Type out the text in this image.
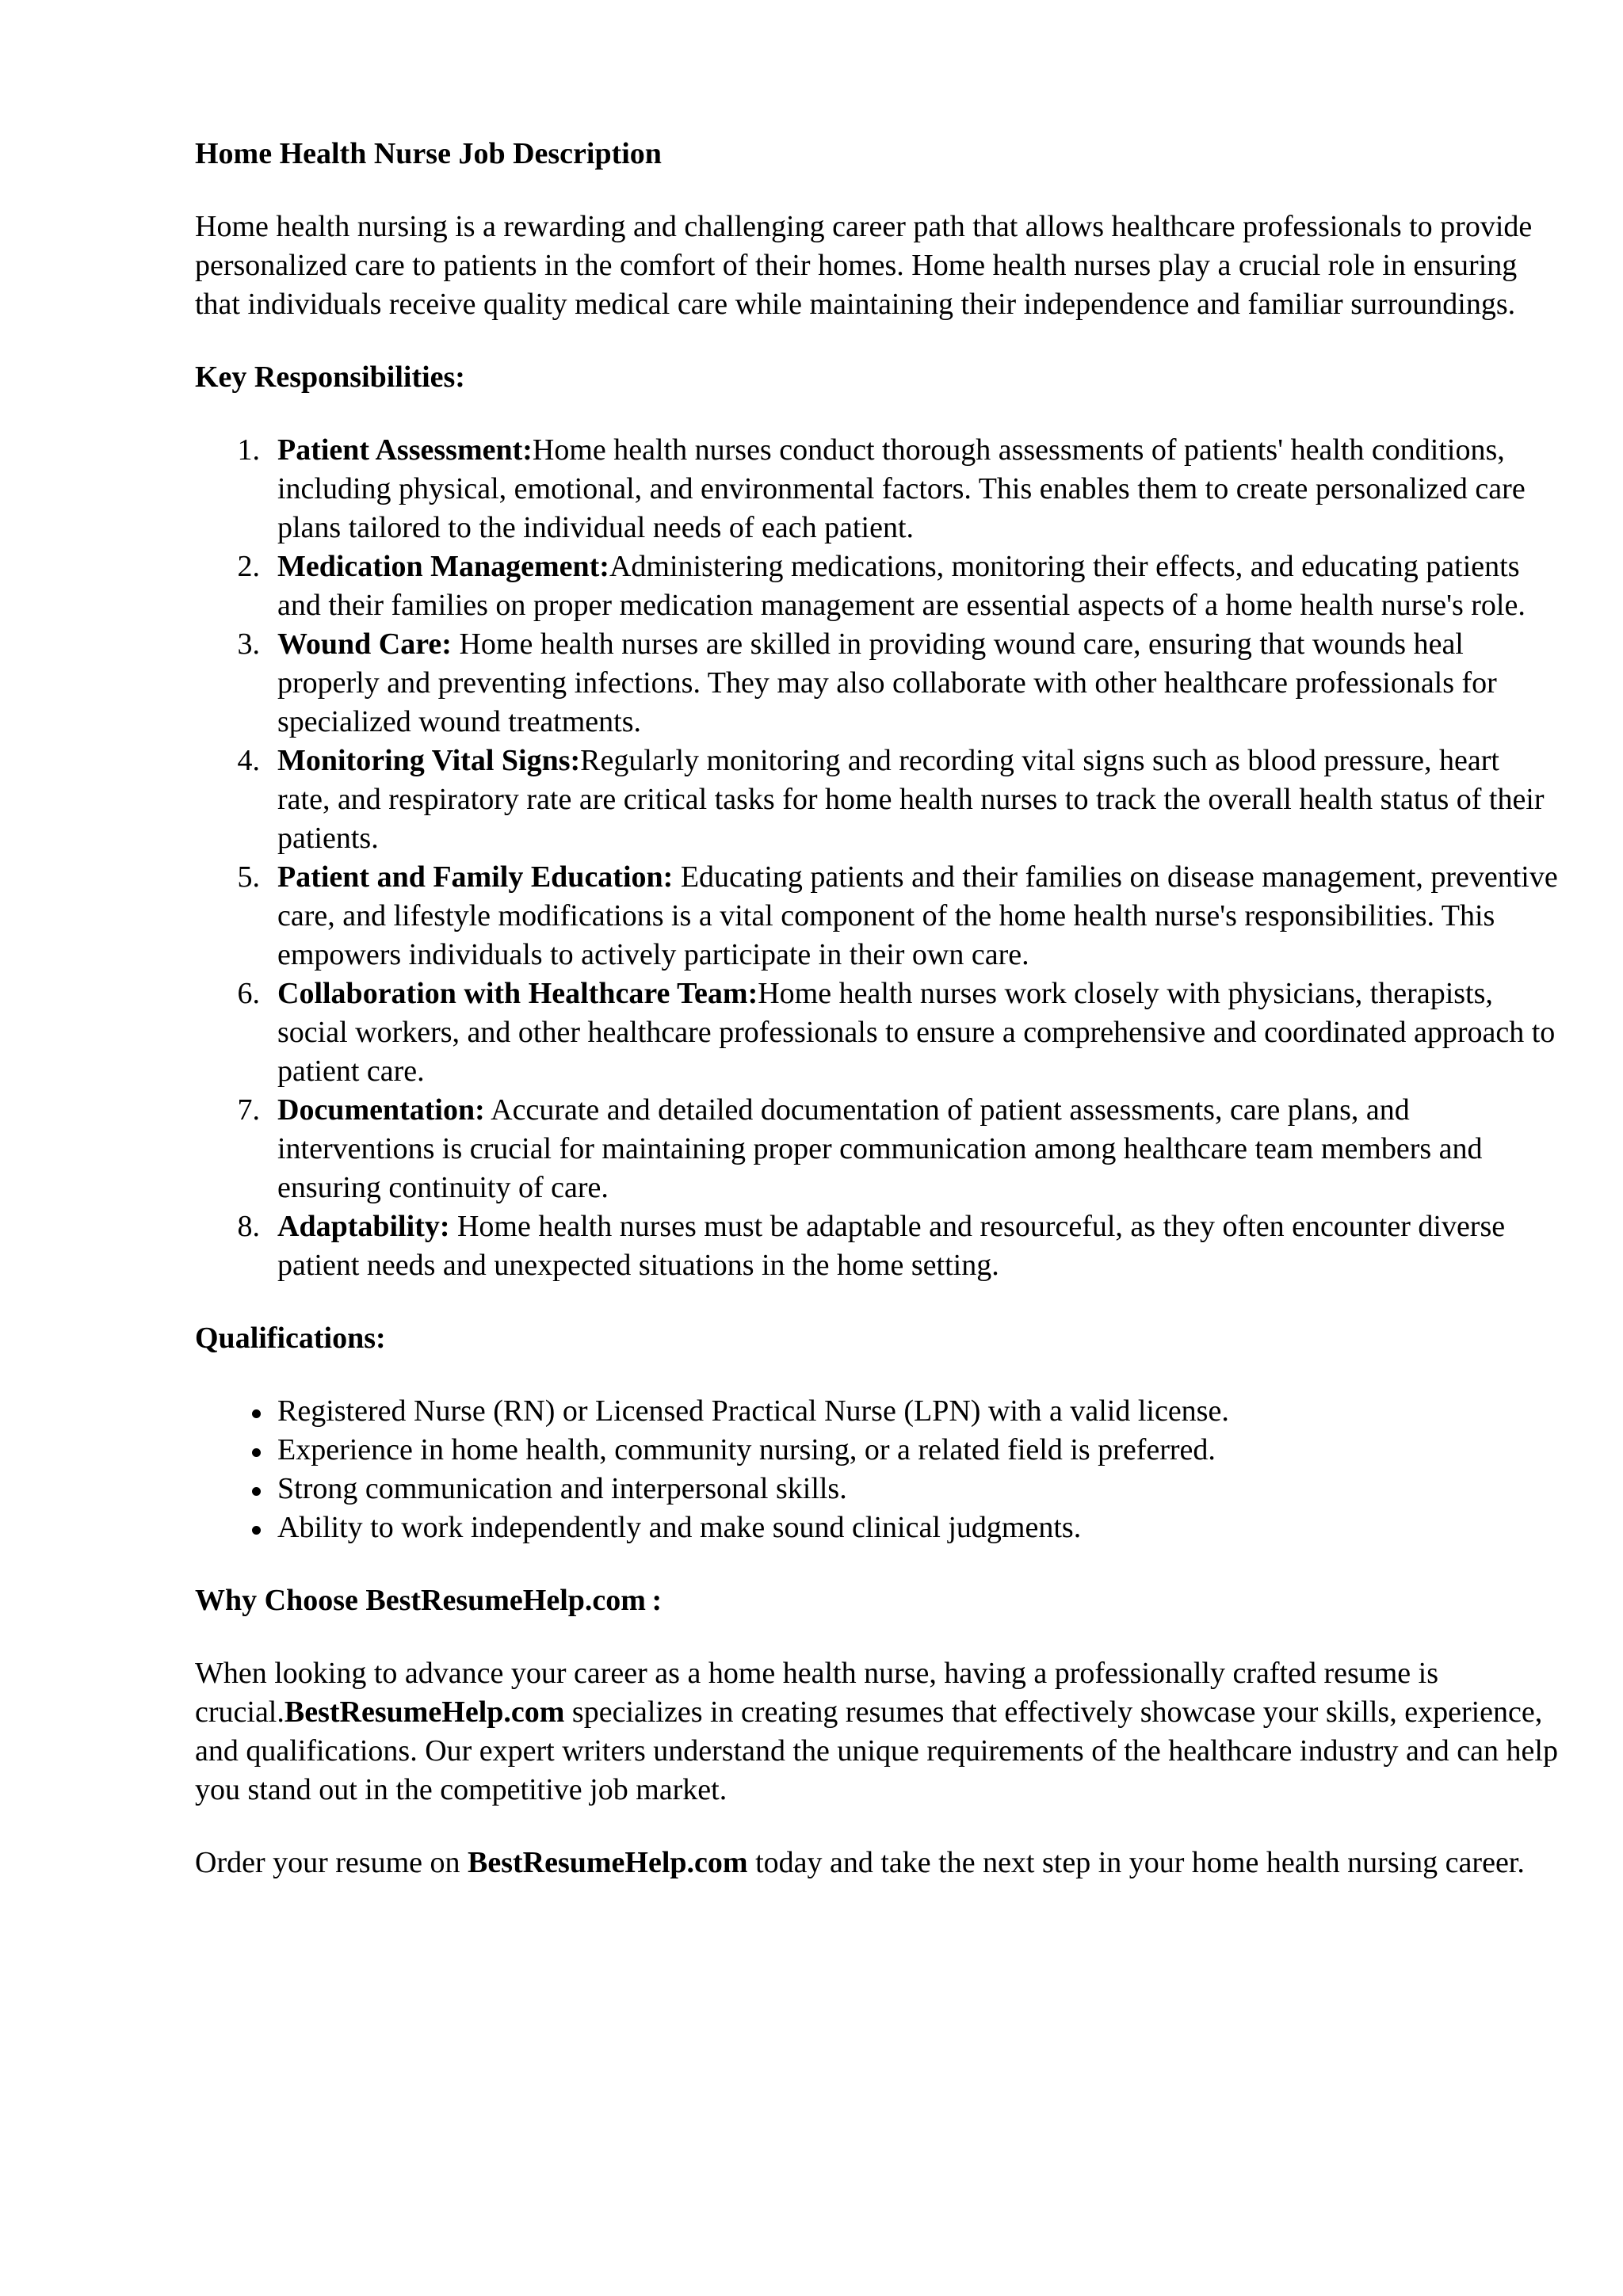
Home Health Nurse Job Description

Home health nursing is a rewarding and challenging career path that allows healthcare professionals to provide personalized care to patients in the comfort of their homes. Home health nurses play a crucial role in ensuring that individuals receive quality medical care while maintaining their independence and familiar surroundings.

Key Responsibilities:

1. Patient Assessment:Home health nurses conduct thorough assessments of patients' health conditions, including physical, emotional, and environmental factors. This enables them to create personalized care plans tailored to the individual needs of each patient.
2. Medication Management:Administering medications, monitoring their effects, and educating patients and their families on proper medication management are essential aspects of a home health nurse's role.
3. Wound Care: Home health nurses are skilled in providing wound care, ensuring that wounds heal properly and preventing infections. They may also collaborate with other healthcare professionals for specialized wound treatments.
4. Monitoring Vital Signs:Regularly monitoring and recording vital signs such as blood pressure, heart rate, and respiratory rate are critical tasks for home health nurses to track the overall health status of their patients.
5. Patient and Family Education: Educating patients and their families on disease management, preventive care, and lifestyle modifications is a vital component of the home health nurse's responsibilities. This empowers individuals to actively participate in their own care.
6. Collaboration with Healthcare Team:Home health nurses work closely with physicians, therapists, social workers, and other healthcare professionals to ensure a comprehensive and coordinated approach to patient care.
7. Documentation: Accurate and detailed documentation of patient assessments, care plans, and interventions is crucial for maintaining proper communication among healthcare team members and ensuring continuity of care.
8. Adaptability: Home health nurses must be adaptable and resourceful, as they often encounter diverse patient needs and unexpected situations in the home setting.

Qualifications:

Registered Nurse (RN) or Licensed Practical Nurse (LPN) with a valid license.
Experience in home health, community nursing, or a related field is preferred.
Strong communication and interpersonal skills.
Ability to work independently and make sound clinical judgments.

Why Choose BestResumeHelp.com :

When looking to advance your career as a home health nurse, having a professionally crafted resume is crucial.BestResumeHelp.com specializes in creating resumes that effectively showcase your skills, experience, and qualifications. Our expert writers understand the unique requirements of the healthcare industry and can help you stand out in the competitive job market.

Order your resume on BestResumeHelp.com today and take the next step in your home health nursing career.
